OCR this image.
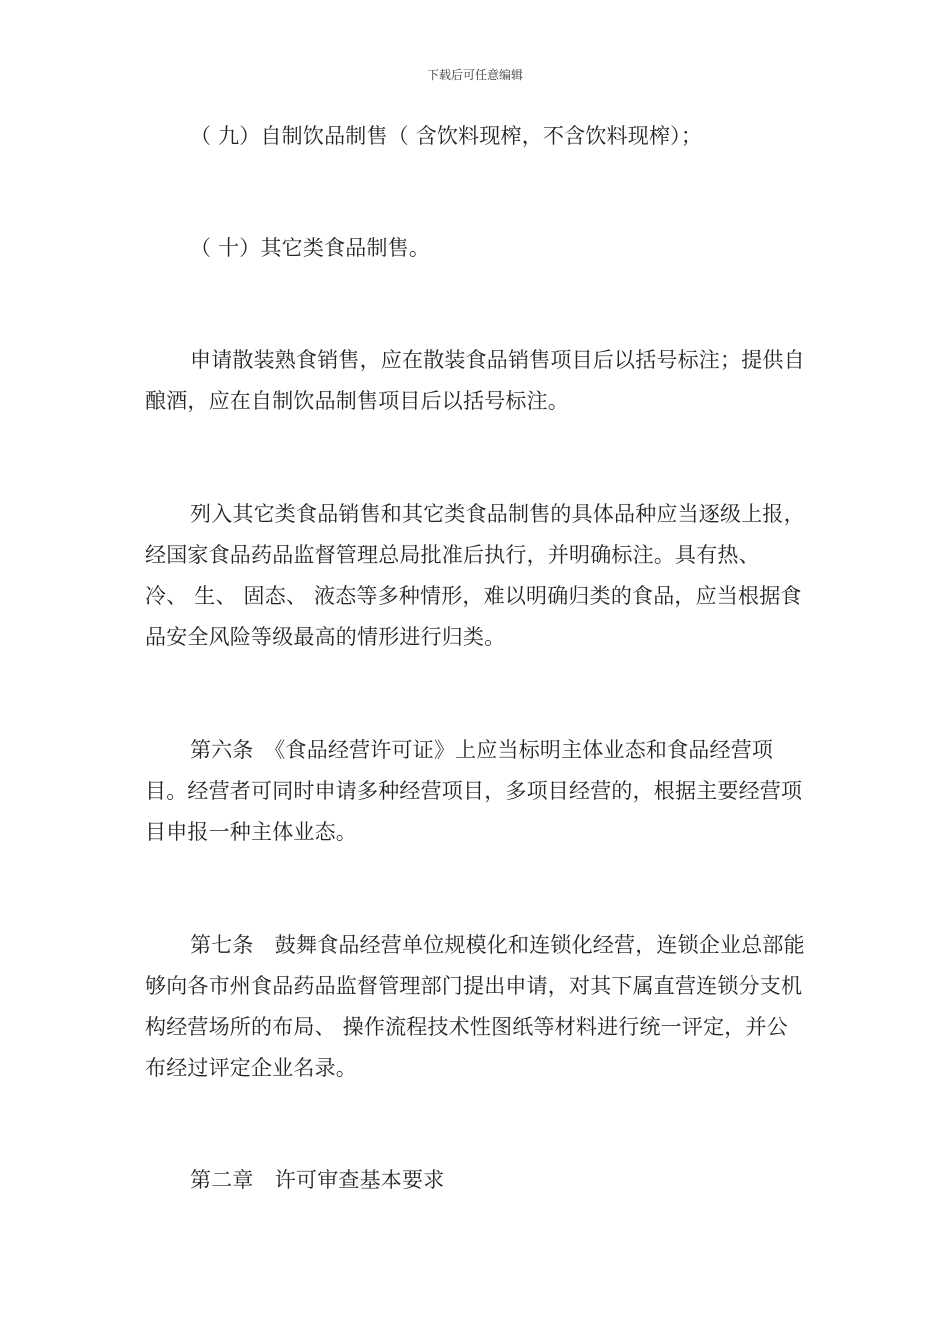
下载后可任意编辑
（ 九）自制饮品制售（ 含饮料现榨，不含饮料现榨）；
（ 十）其它类食品制售。
申请散装熟食销售，应在散装食品销售项目后以括号标注；提供自酿酒，应在自制饮品制售项目后以括号标注。
列入其它类食品销售和其它类食品制售的具体品种应当逐级上报，经国家食品药品监督管理总局批准后执行，并明确标注。具有热、 冷、 生、 固态、 液态等多种情形，难以明确归类的食品，应当根据食品安全风险等级最高的情形进行归类。
第六条　《食品经营许可证》上应当标明主体业态和食品经营项目。经营者可同时申请多种经营项目，多项目经营的，根据主要经营项目申报一种主体业态。
第七条　鼓舞食品经营单位规模化和连锁化经营，连锁企业总部能够向各市州食品药品监督管理部门提出申请，对其下属直营连锁分支机构经营场所的布局、 操作流程技术性图纸等材料进行统一评定，并公布经过评定企业名录。
第二章　许可审查基本要求
